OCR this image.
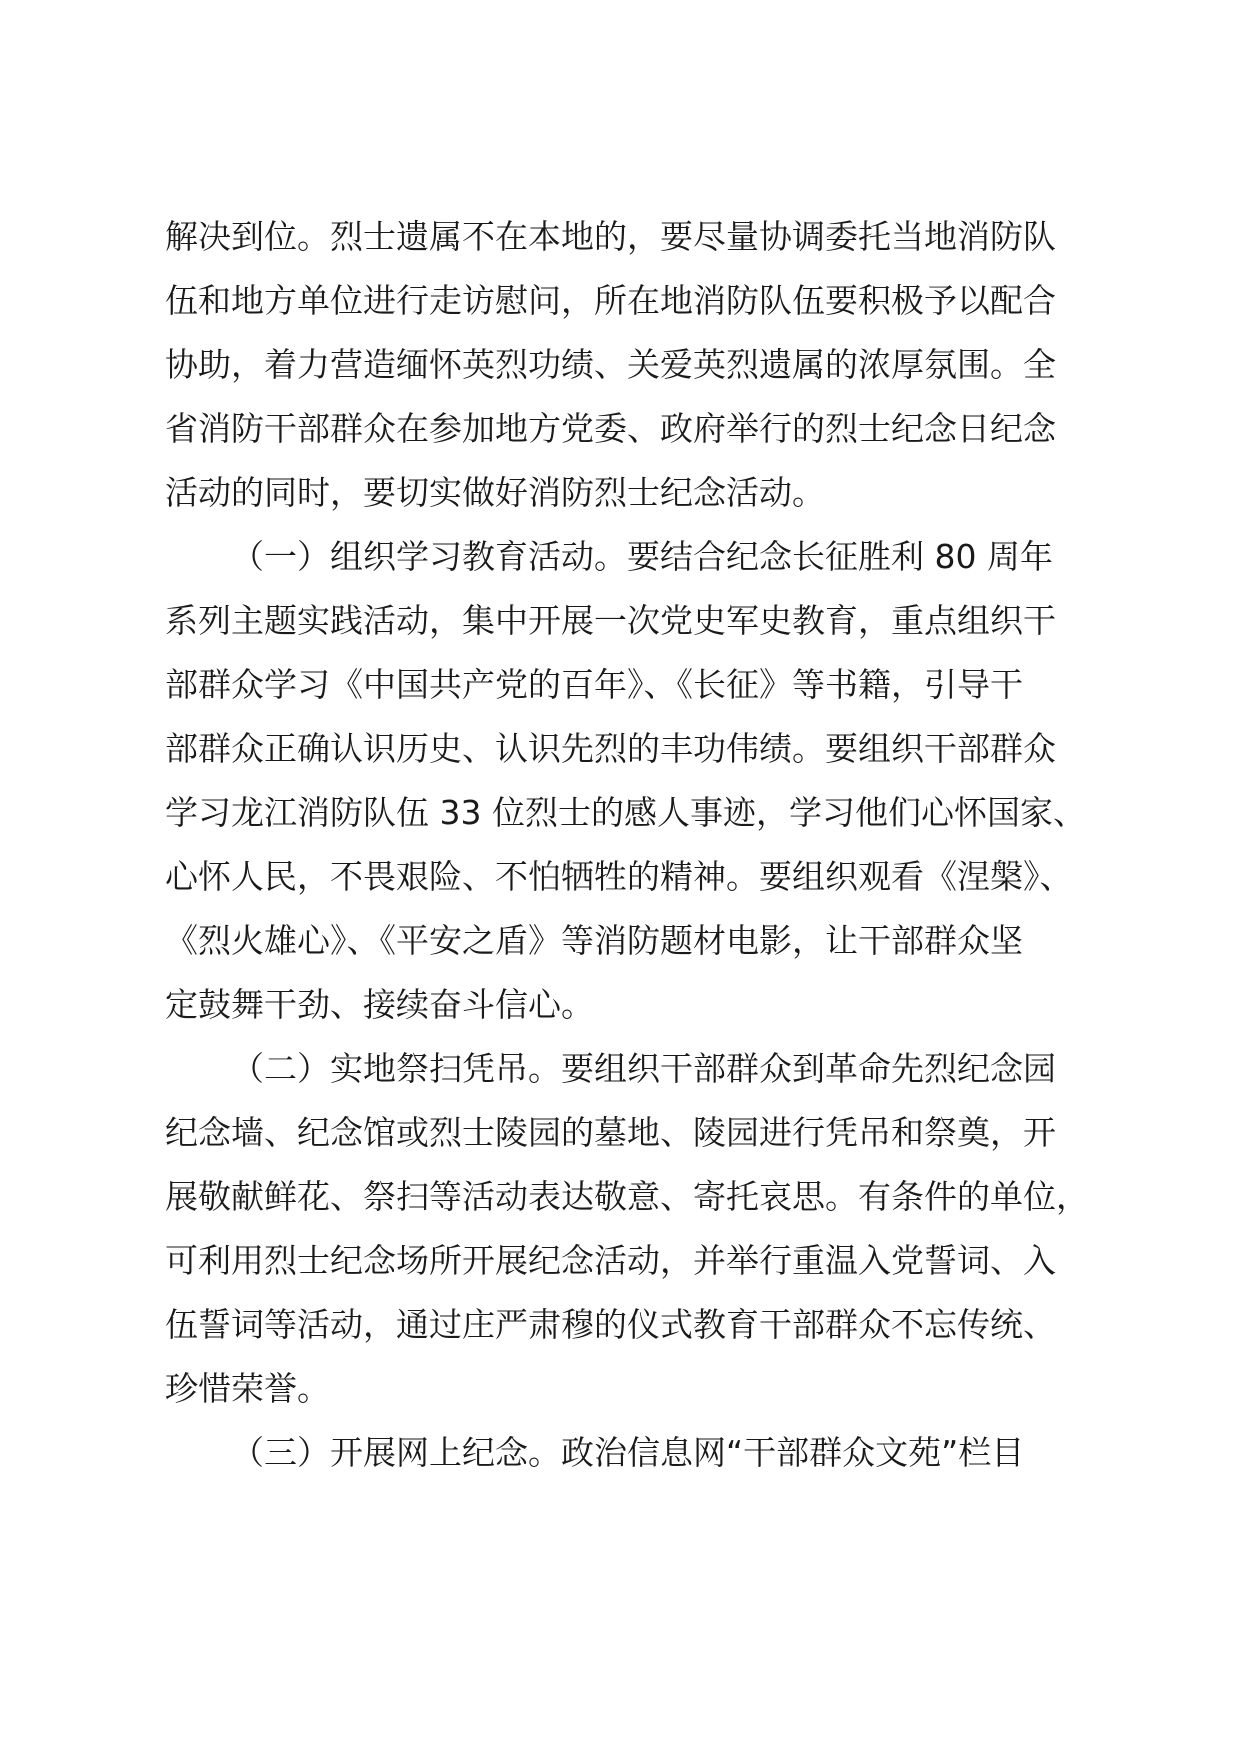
解决到位。烈士遗属不在本地的，要尽量协调委托当地消防队
伍和地方单位进行走访慰问，所在地消防队伍要积极予以配合
协助，着力营造缅怀英烈功绩、关爱英烈遗属的浓厚氛围。全
省消防干部群众在参加地方党委、政府举行的烈士纪念日纪念
活动的同时，要切实做好消防烈士纪念活动。
（一）组织学习教育活动。要结合纪念长征胜利 80 周年
系列主题实践活动，集中开展一次党史军史教育，重点组织干
部群众学习《中国共产党的百年》、《长征》等书籍，引导干
部群众正确认识历史、认识先烈的丰功伟绩。要组织干部群众
学习龙江消防队伍 33 位烈士的感人事迹，学习他们心怀国家、
心怀人民，不畏艰险、不怕牺牲的精神。要组织观看《涅槃》、
《烈火雄心》、《平安之盾》等消防题材电影，让干部群众坚
定鼓舞干劲、接续奋斗信心。
（二）实地祭扫凭吊。要组织干部群众到革命先烈纪念园
纪念墙、纪念馆或烈士陵园的墓地、陵园进行凭吊和祭奠，开
展敬献鲜花、祭扫等活动表达敬意、寄托哀思。有条件的单位，
可利用烈士纪念场所开展纪念活动，并举行重温入党誓词、入
伍誓词等活动，通过庄严肃穆的仪式教育干部群众不忘传统、
珍惜荣誉。
（三）开展网上纪念。政治信息网“干部群众文苑”栏目
